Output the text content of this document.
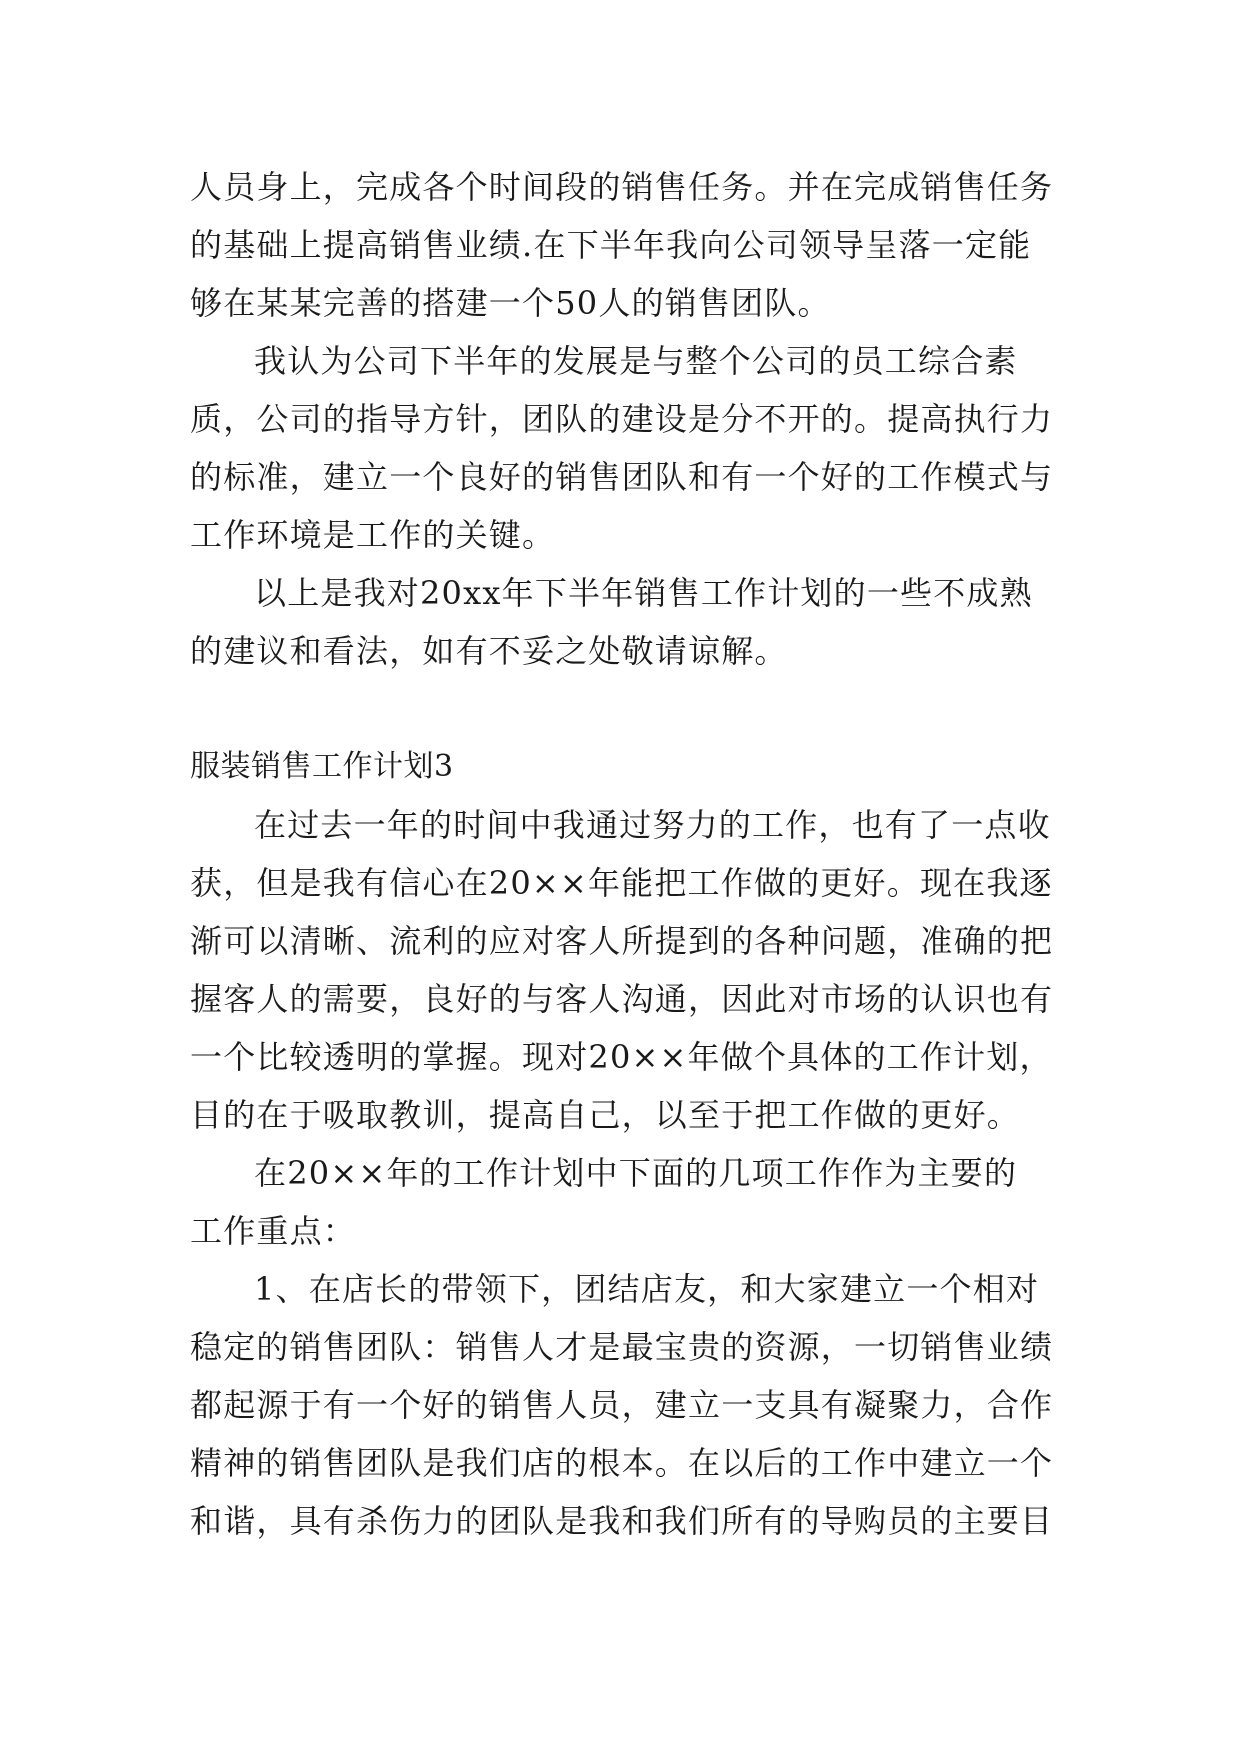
人员身上，完成各个时间段的销售任务。并在完成销售任务
的基础上提高销售业绩.在下半年我向公司领导呈落一定能
够在某某完善的搭建一个50人的销售团队。
我认为公司下半年的发展是与整个公司的员工综合素
质，公司的指导方针，团队的建设是分不开的。提高执行力
的标准，建立一个良好的销售团队和有一个好的工作模式与
工作环境是工作的关键。
以上是我对20xx年下半年销售工作计划的一些不成熟
的建议和看法，如有不妥之处敬请谅解。
服装销售工作计划3
在过去一年的时间中我通过努力的工作，也有了一点收
获，但是我有信心在20××年能把工作做的更好。现在我逐
渐可以清晰、流利的应对客人所提到的各种问题，准确的把
握客人的需要，良好的与客人沟通，因此对市场的认识也有
一个比较透明的掌握。现对20××年做个具体的工作计划，
目的在于吸取教训，提高自己，以至于把工作做的更好。
在20××年的工作计划中下面的几项工作作为主要的
工作重点：
1、在店长的带领下，团结店友，和大家建立一个相对
稳定的销售团队：销售人才是最宝贵的资源，一切销售业绩
都起源于有一个好的销售人员，建立一支具有凝聚力，合作
精神的销售团队是我们店的根本。在以后的工作中建立一个
和谐，具有杀伤力的团队是我和我们所有的导购员的主要目
